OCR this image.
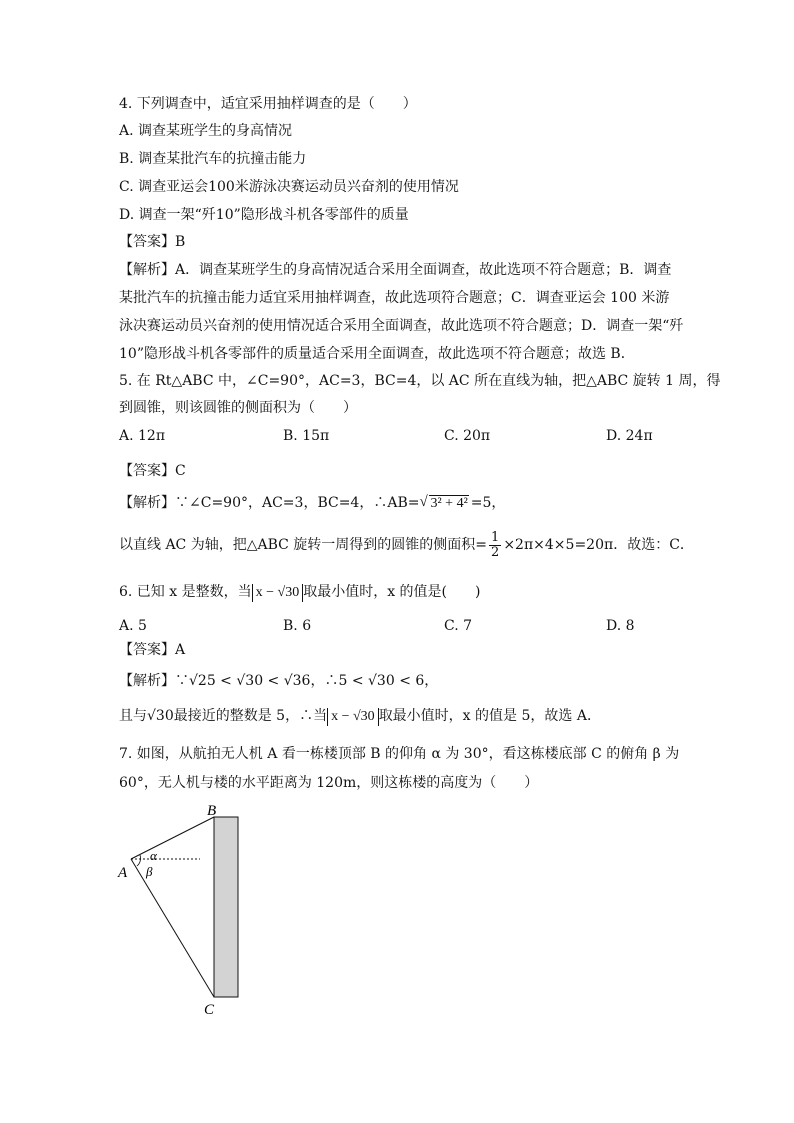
4. 下列调查中，适宜采用抽样调查的是（　　）
A. 调查某班学生的身高情况
B. 调查某批汽车的抗撞击能力
C. 调查亚运会100米游泳决赛运动员兴奋剂的使用情况
D. 调查一架“歼10”隐形战斗机各零部件的质量
【答案】B
【解析】A．调查某班学生的身高情况适合采用全面调查，故此选项不符合题意；B．调查
某批汽车的抗撞击能力适宜采用抽样调查，故此选项符合题意；C．调查亚运会 100 米游
泳决赛运动员兴奋剂的使用情况适合采用全面调查，故此选项不符合题意；D．调查一架“歼
10”隐形战斗机各零部件的质量适合采用全面调查，故此选项不符合题意；故选 B．
5. 在 Rt△ABC 中，∠C=90°，AC=3，BC=4，以 AC 所在直线为轴，把△ABC 旋转 1 周，得
到圆锥，则该圆锥的侧面积为（　　）
A. 12π	B. 15π	C. 20π	D. 24π
【答案】C
【解析】∵∠C=90°，AC=3，BC=4，∴AB=√ 3² + 4² =5，
以直线 AC 为轴，把△ABC 旋转一周得到的圆锥的侧面积= $\frac{1}{2} \times 2\pi\times 4\times 5=20\pi$．故选：C．
6. 已知 x 是整数，当 x − √30 取最小值时，x 的值是(　　)
A. 5	B. 6	C. 7	D. 8
【答案】A
【解析】∵√25 < √30 < √36，∴5 < √30 < 6，
且与√30最接近的整数是 5，∴当 x − √30 取最小值时，x 的值是 5，故选 A．
7. 如图，从航拍无人机 A 看一栋楼顶部 B 的仰角 α 为 30°，看这栋楼底部 C 的俯角 β 为
60°，无人机与楼的水平距离为 120m，则这栋楼的高度为（　　）
B
A
C
α
β
